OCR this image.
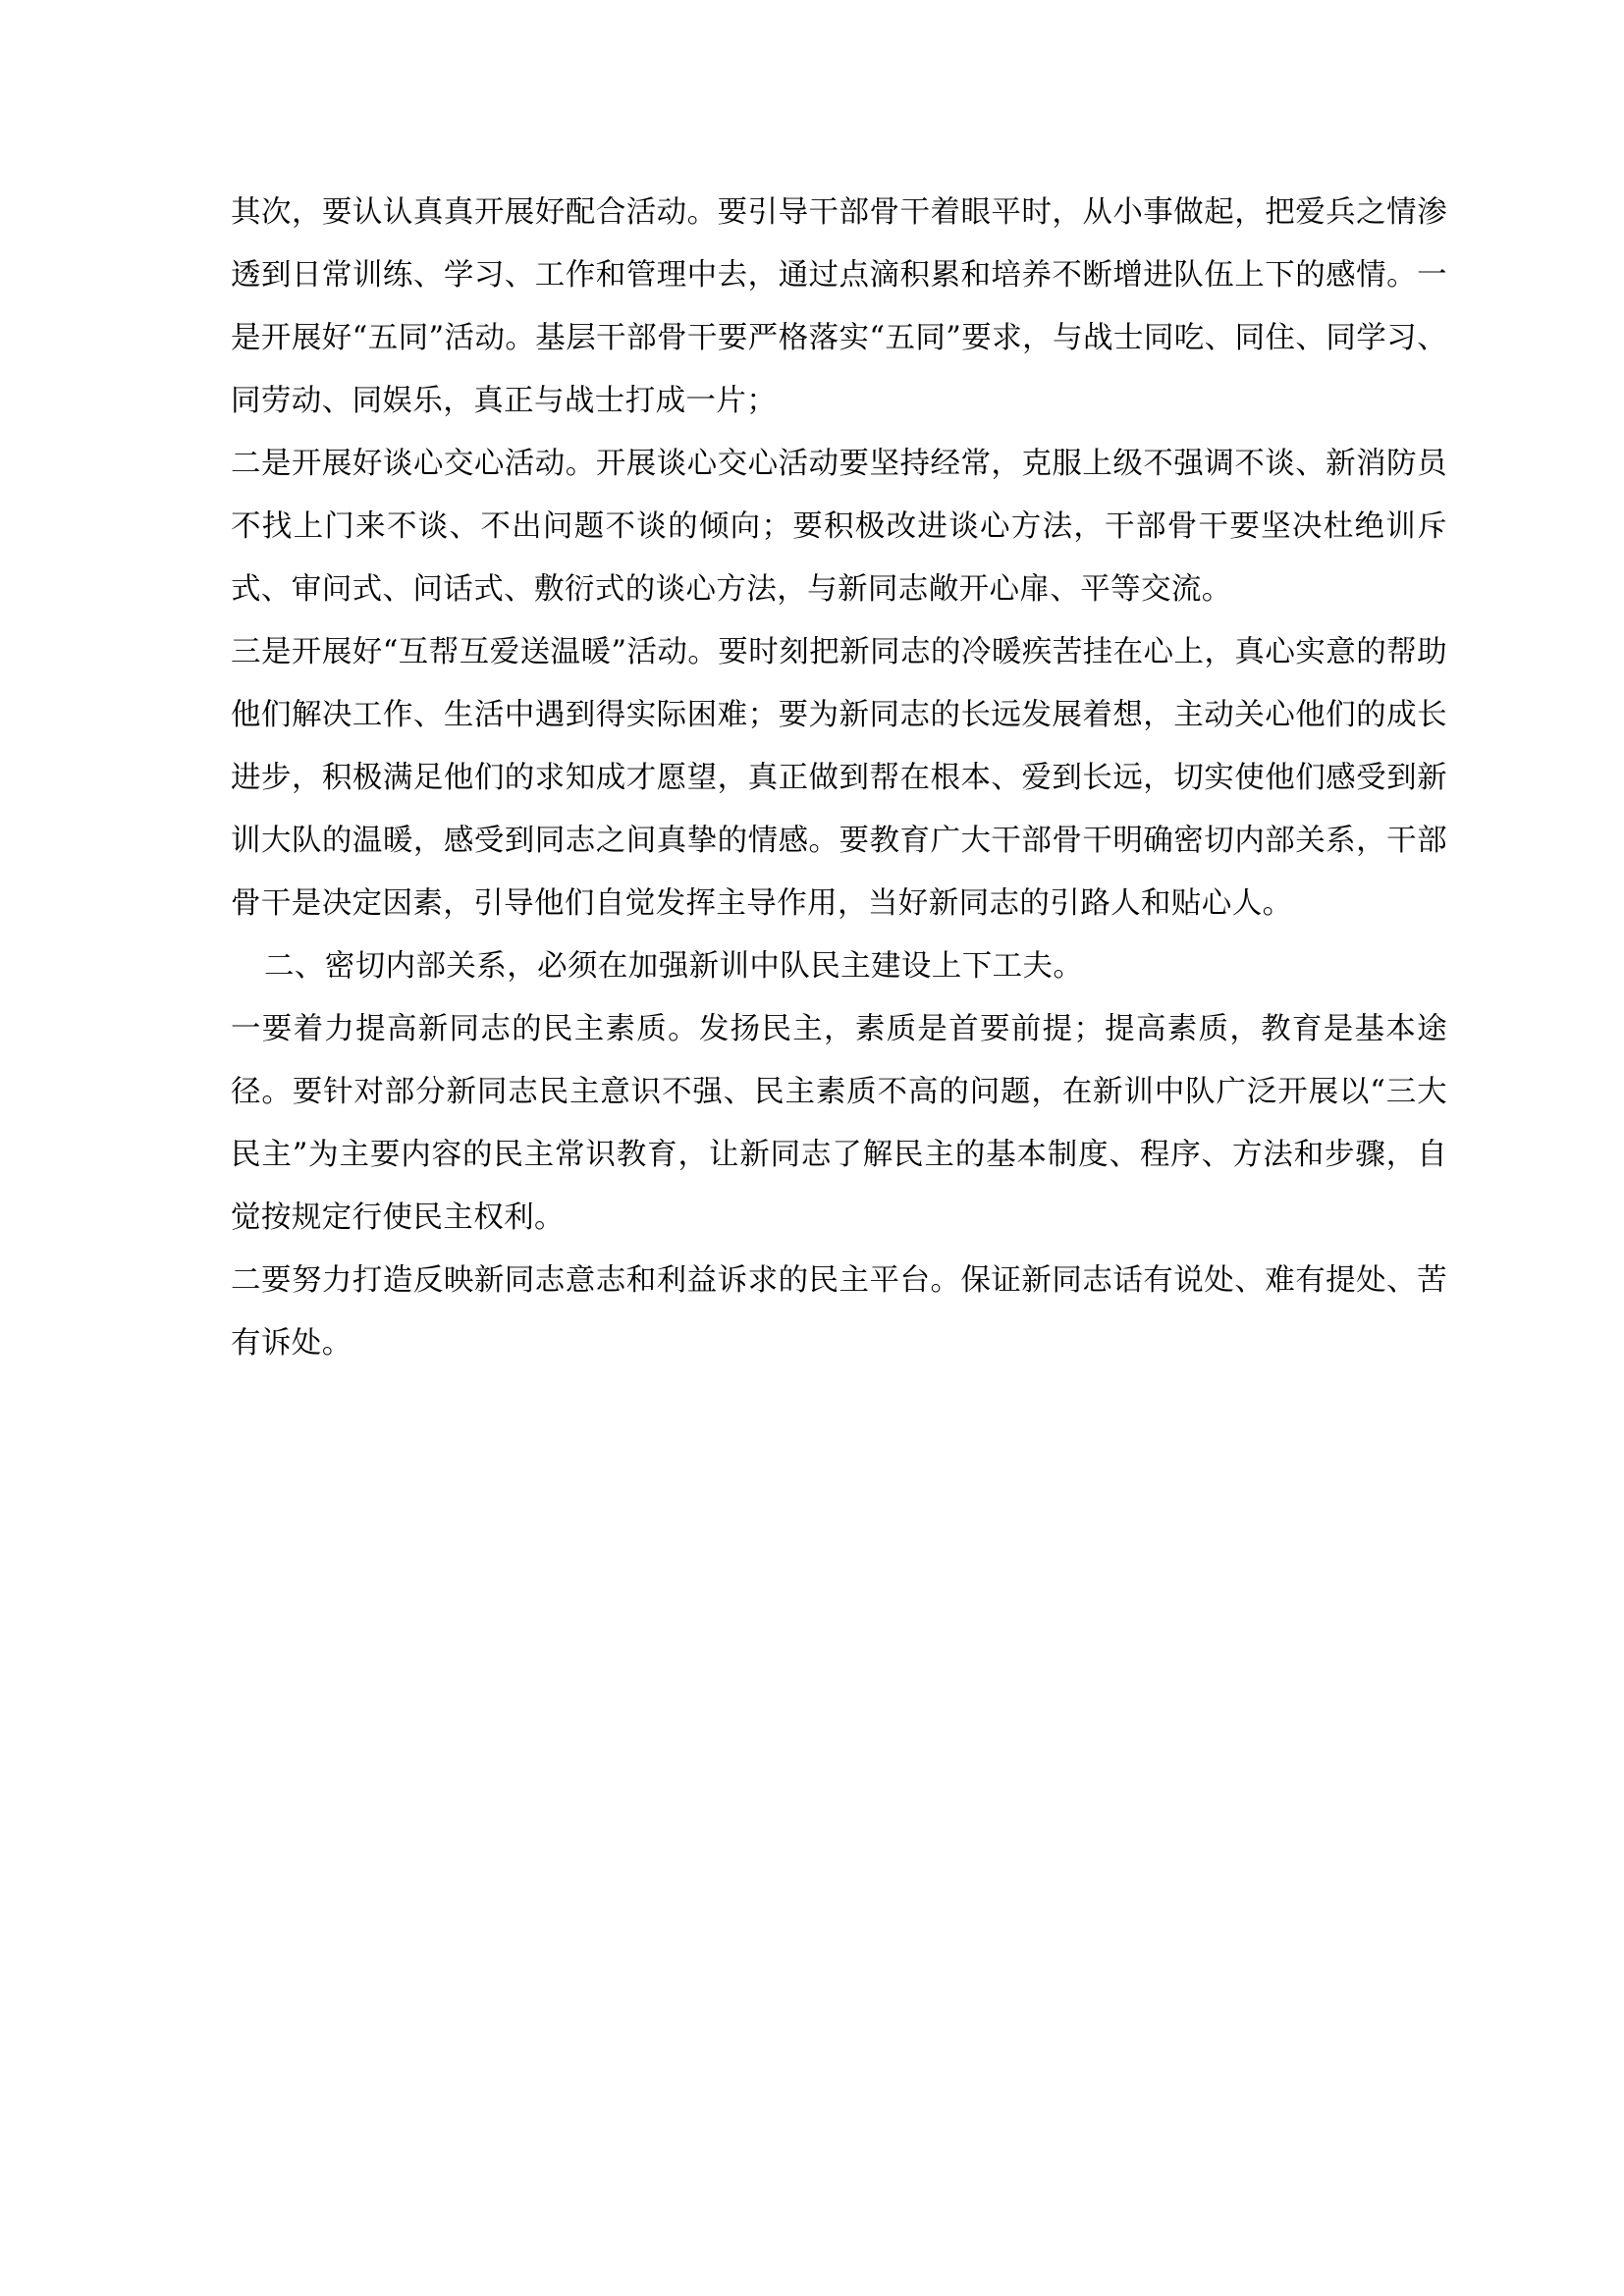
其次，要认认真真开展好配合活动。要引导干部骨干着眼平时，从小事做起，把爱兵之情渗透到日常训练、学习、工作和管理中去，通过点滴积累和培养不断增进队伍上下的感情。一是开展好“五同”活动。基层干部骨干要严格落实“五同”要求，与战士同吃、同住、同学习、同劳动、同娱乐，真正与战士打成一片；

二是开展好谈心交心活动。开展谈心交心活动要坚持经常，克服上级不强调不谈、新消防员不找上门来不谈、不出问题不谈的倾向；要积极改进谈心方法，干部骨干要坚决杜绝训斥式、审问式、问话式、敷衍式的谈心方法，与新同志敞开心扉、平等交流。

三是开展好“互帮互爱送温暖”活动。要时刻把新同志的冷暖疾苦挂在心上，真心实意的帮助他们解决工作、生活中遇到得实际困难；要为新同志的长远发展着想，主动关心他们的成长进步，积极满足他们的求知成才愿望，真正做到帮在根本、爱到长远，切实使他们感受到新训大队的温暖，感受到同志之间真挚的情感。要教育广大干部骨干明确密切内部关系，干部骨干是决定因素，引导他们自觉发挥主导作用，当好新同志的引路人和贴心人。

二、密切内部关系，必须在加强新训中队民主建设上下工夫。

一要着力提高新同志的民主素质。发扬民主，素质是首要前提；提高素质，教育是基本途径。要针对部分新同志民主意识不强、民主素质不高的问题，在新训中队广泛开展以“三大民主”为主要内容的民主常识教育，让新同志了解民主的基本制度、程序、方法和步骤，自觉按规定行使民主权利。

二要努力打造反映新同志意志和利益诉求的民主平台。保证新同志话有说处、难有提处、苦有诉处。
